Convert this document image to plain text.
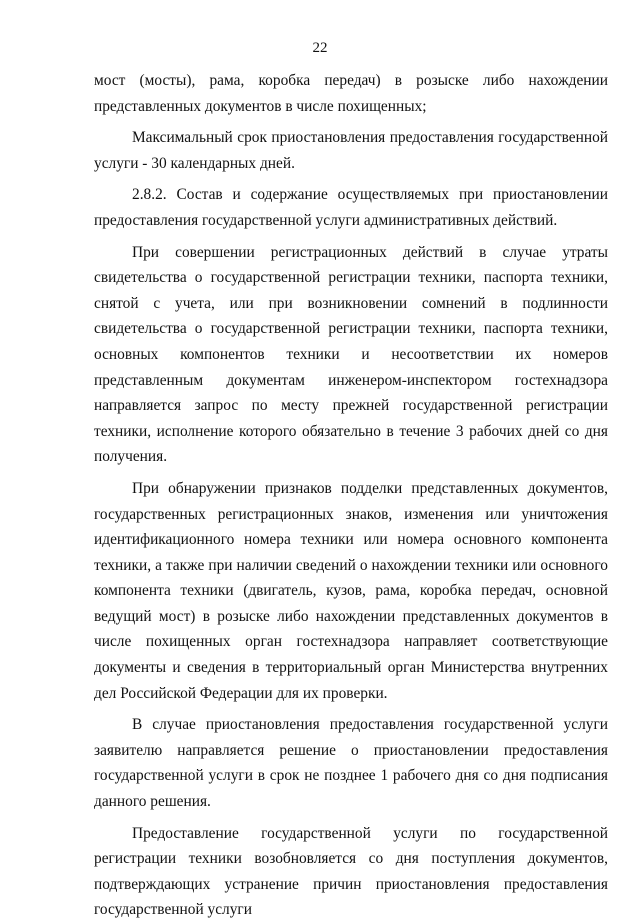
22

мост (мосты), рама, коробка передач) в розыске либо нахождении представленных документов в числе похищенных;

Максимальный срок приостановления предоставления государственной услуги - 30 календарных дней.

2.8.2. Состав и содержание осуществляемых при приостановлении предоставления государственной услуги административных действий.

При совершении регистрационных действий в случае утраты свидетельства о государственной регистрации техники, паспорта техники, снятой с учета, или при возникновении сомнений в подлинности свидетельства о государственной регистрации техники, паспорта техники, основных компонентов техники и несоответствии их номеров представленным документам инженером-инспектором гостехнадзора направляется запрос по месту прежней государственной регистрации техники, исполнение которого обязательно в течение 3 рабочих дней со дня получения.

При обнаружении признаков подделки представленных документов, государственных регистрационных знаков, изменения или уничтожения идентификационного номера техники или номера основного компонента техники, а также при наличии сведений о нахождении техники или основного компонента техники (двигатель, кузов, рама, коробка передач, основной ведущий мост) в розыске либо нахождении представленных документов в числе похищенных орган гостехнадзора направляет соответствующие документы и сведения в территориальный орган Министерства внутренних дел Российской Федерации для их проверки.

В случае приостановления предоставления государственной услуги заявителю направляется решение о приостановлении предоставления государственной услуги в срок не позднее 1 рабочего дня со дня подписания данного решения.

Предоставление государственной услуги по государственной регистрации техники возобновляется со дня поступления документов, подтверждающих устранение причин приостановления предоставления государственной услуги
